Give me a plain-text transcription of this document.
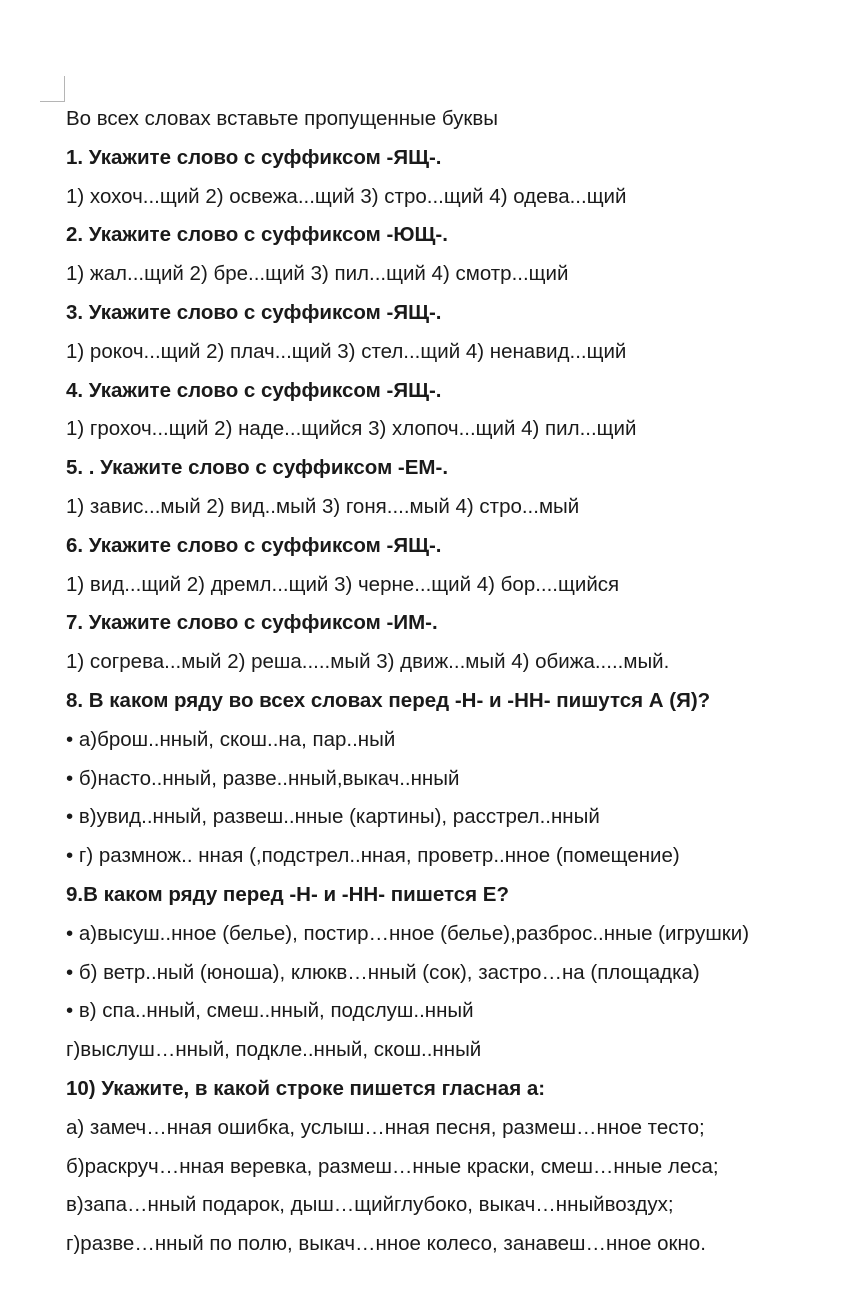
Во всех словах вставьте пропущенные буквы
1. Укажите слово с суффиксом -ЯЩ-.
1) хохоч...щий 2) освежа...щий 3) стро...щий 4) одева...щий
2. Укажите слово с суффиксом -ЮЩ-.
1) жал...щий 2) бре...щий 3) пил...щий 4) смотр...щий
3. Укажите слово с суффиксом -ЯЩ-.
1) рокоч...щий 2) плач...щий 3) стел...щий 4) ненавид...щий
4. Укажите слово с суффиксом -ЯЩ-.
1) грохоч...щий 2) наде...щийся 3) хлопоч...щий 4) пил...щий
5. . Укажите слово с суффиксом -ЕМ-.
1) завис...мый 2) вид..мый 3) гоня....мый 4) стро...мый
6. Укажите слово с суффиксом -ЯЩ-.
1) вид...щий 2) дремл...щий 3) черне...щий 4) бор....щийся
7. Укажите слово с суффиксом -ИМ-.
1) согрева...мый 2) реша.....мый 3) движ...мый 4) обижа.....мый.
8. В каком ряду во всех словах перед -Н- и -НН- пишутся А (Я)?
• а)брош..нный, скош..на, пар..ный
• б)насто..нный, разве..нный,выкач..нный
• в)увид..нный, развеш..нные (картины), расстрел..нный
• г) размнож.. нная (,подстрел..нная, проветр..нное (помещение)
9.В каком ряду перед -Н- и -НН- пишется Е?
• а)высуш..нное (белье), постир…нное (белье),разброс..нные (игрушки)
• б) ветр..ный (юноша), клюкв…нный (сок), застро…на (площадка)
• в) спа..нный, смеш..нный, подслуш..нный
г)выслуш…нный, подкле..нный, скош..нный
10) Укажите, в какой строке пишется гласная а:
а) замеч…нная ошибка, услыш…нная песня, размеш…нное тесто;
б)раскруч…нная веревка, размеш…нные краски, смеш…нные леса;
в)запа…нный подарок, дыш…щийглубоко, выкач…нныйвоздух;
г)разве…нный по полю, выкач…нное колесо, занавеш…нное окно.
